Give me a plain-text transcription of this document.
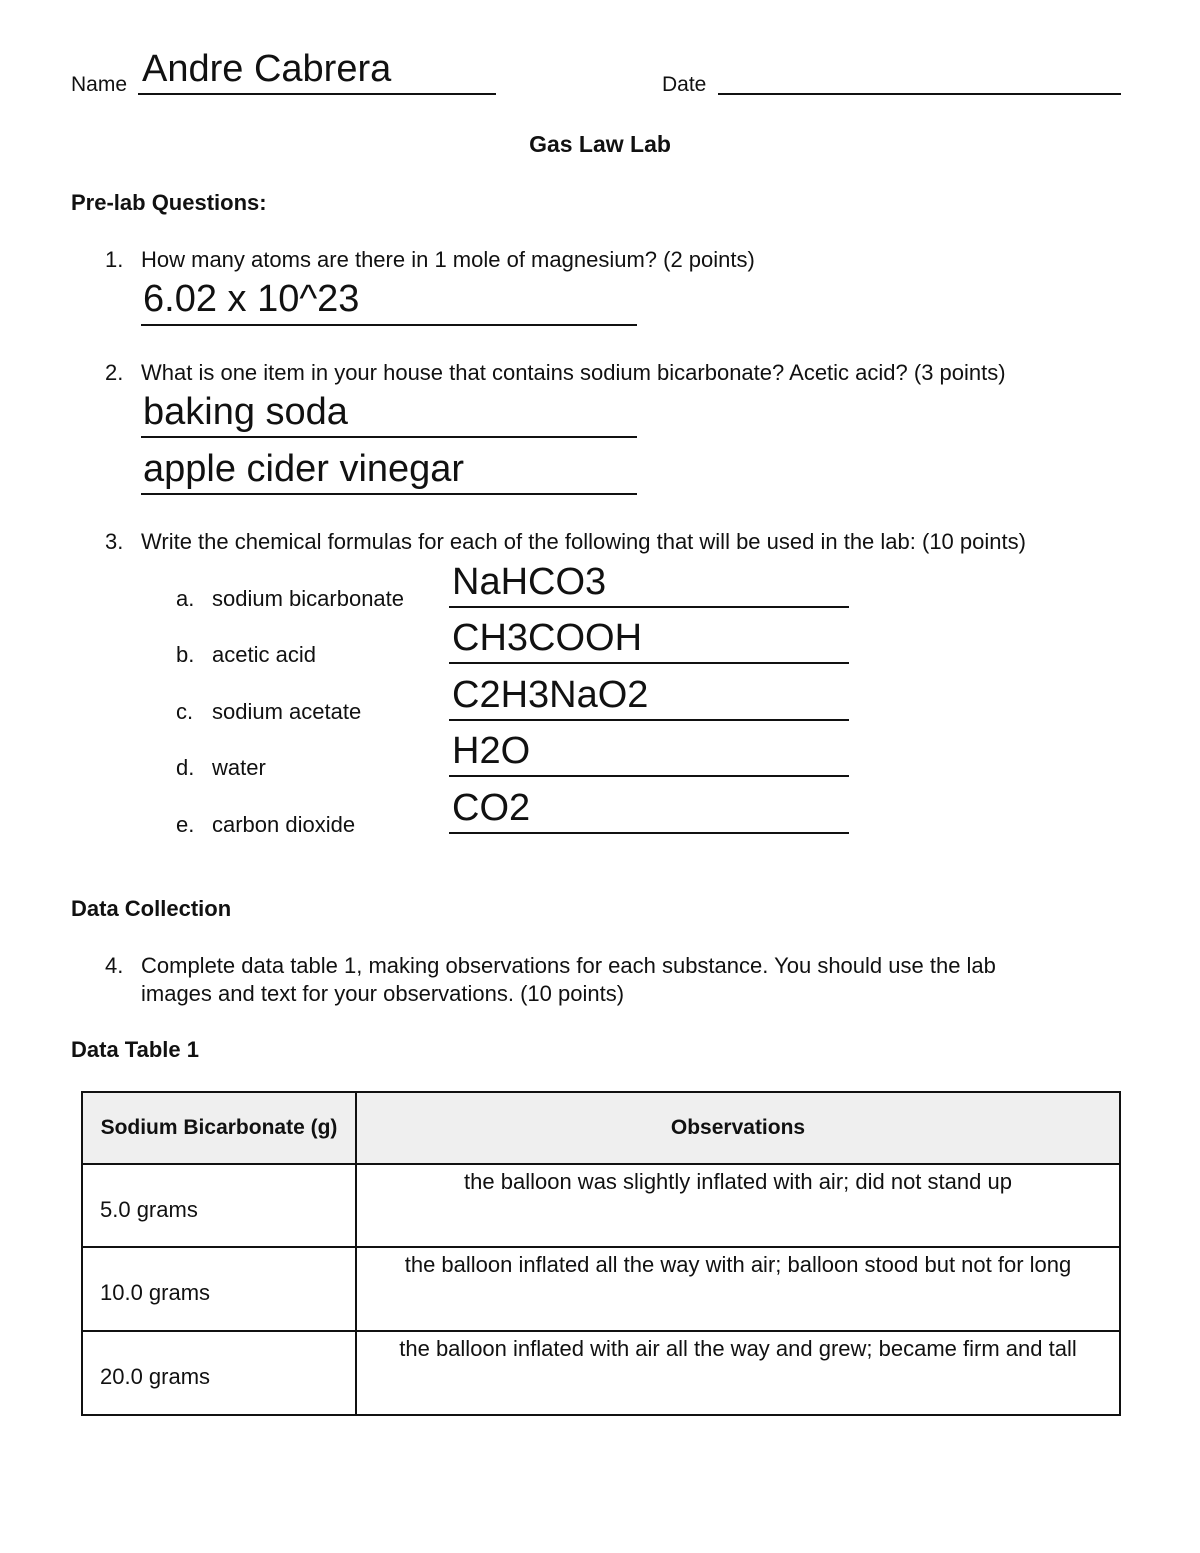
Name Andre Cabrera	Date
Gas Law Lab
Pre-lab Questions:
1. How many atoms are there in 1 mole of magnesium? (2 points)
6.02 x 10^23
2. What is one item in your house that contains sodium bicarbonate? Acetic acid? (3 points)
baking soda
apple cider vinegar
3. Write the chemical formulas for each of the following that will be used in the lab: (10 points)
a. sodium bicarbonate NaHCO3
b. acetic acid	CH3COOH
c. sodium acetate C2H3NaO2
d. water	H2O
e. carbon dioxide	CO2
Data Collection
4. Complete data table 1, making observations for each substance. You should use the lab
images and text for your observations. (10 points)
Data Table 1
Sodium Bicarbonate (g)	Observations

5.0 grams	the balloon was slightly inflated with air; did not stand up

10.0 grams	the balloon inflated all the way with air; balloon stood but not for long

20.0 grams	the balloon inflated with air all the way and grew; became firm and tall
